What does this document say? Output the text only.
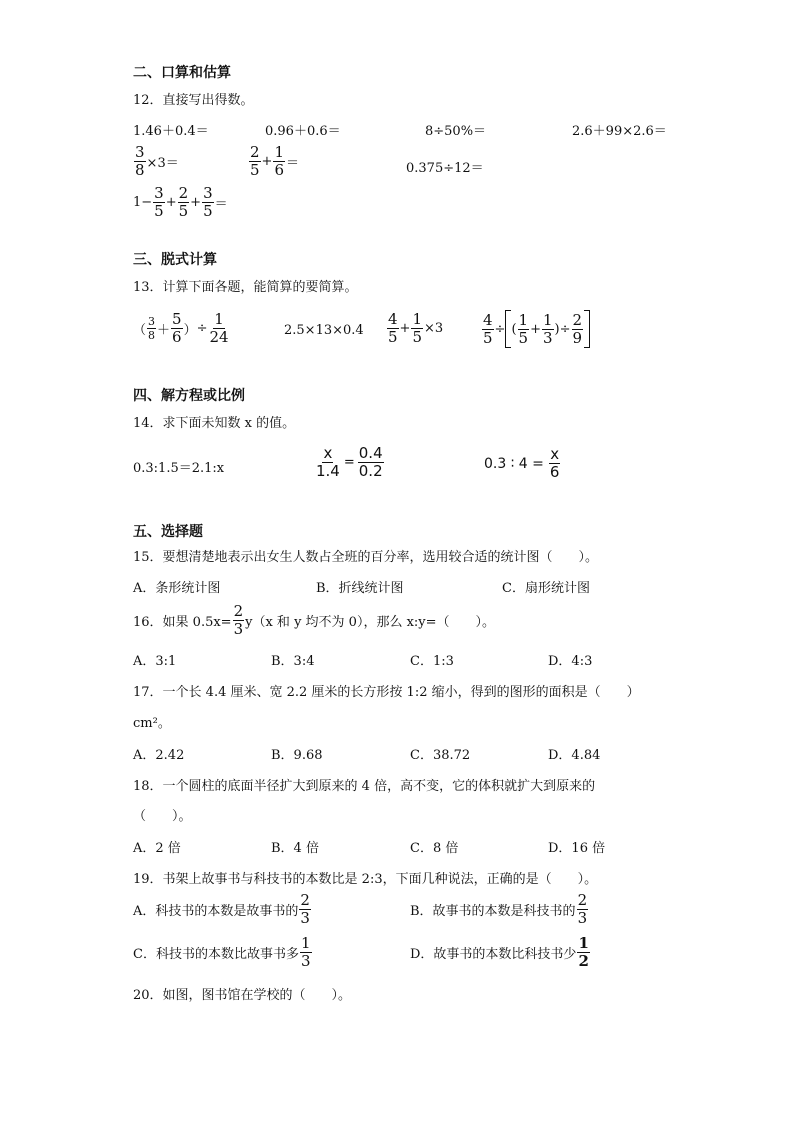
二、口算和估算
12．直接写出得数。
1.46＋0.4＝	0.96＋0.6＝	8÷50%＝	2.6＋99×2.6＝
$\frac{3}{8} \times 3=$	$\frac{2}{5} + \frac{1}{6}$ ＝	0.375÷12＝
$1- \frac{3}{5} + \frac{2}{5} + \frac{3}{5}$ ＝
三、脱式计算
13．计算下面各题，能简算的要简算。
（ $\frac{3}{8} + \frac{5}{6}$ ） ÷ $\frac{1}{24}$	$2.5\times 13\times 0.4 \frac{4}{5} + \frac{1}{5} \times 3$	$\frac{4}{5}$ ÷ ( $\frac{1}{5} + \frac{1}{3}$ ) ÷ $\frac{2}{9}$
四、解方程或比例
14．求下面未知数 x 的值。
0.3:1.5＝2.1:x	$\frac{x}{1.4} = \frac{0.4}{0.2}$	0.3 ∶ $4 = \frac{x}{6}$
五、选择题
15．要想清楚地表示出女生人数占全班的百分率，选用较合适的统计图（　　）。
A．条形统计图	B．折线统计图	C．扇形统计图
16．如果 $0.5x= \frac{2}{3} y(x$ 和 y 均不为 0），那么 x:y=（　　）。
A．3:1	B．3:4	C．1:3	D．4:3
17．一个长 4.4 厘米、宽 2.2 厘米的长方形按 1:2 缩小，得到的图形的面积是（　　）
cm²。
A．2.42	B．9.68	C．38.72	D．4.84
18．一个圆柱的底面半径扩大到原来的 4 倍，高不变，它的体积就扩大到原来的
（　　）。
A．2 倍	B．4 倍	C．8 倍	D．16 倍
19．书架上故事书与科技书的本数比是 2:3，下面几种说法，正确的是（　　）。
A．科技书的本数是故事书的 $\frac{2}{3}$	B．故事书的本数是科技书的 $\frac{2}{3}$
C．科技书的本数比故事书多 $\frac{1}{3}$	D．故事书的本数比科技书少 $\frac{1}{2}$
20．如图，图书馆在学校的（　　）。
